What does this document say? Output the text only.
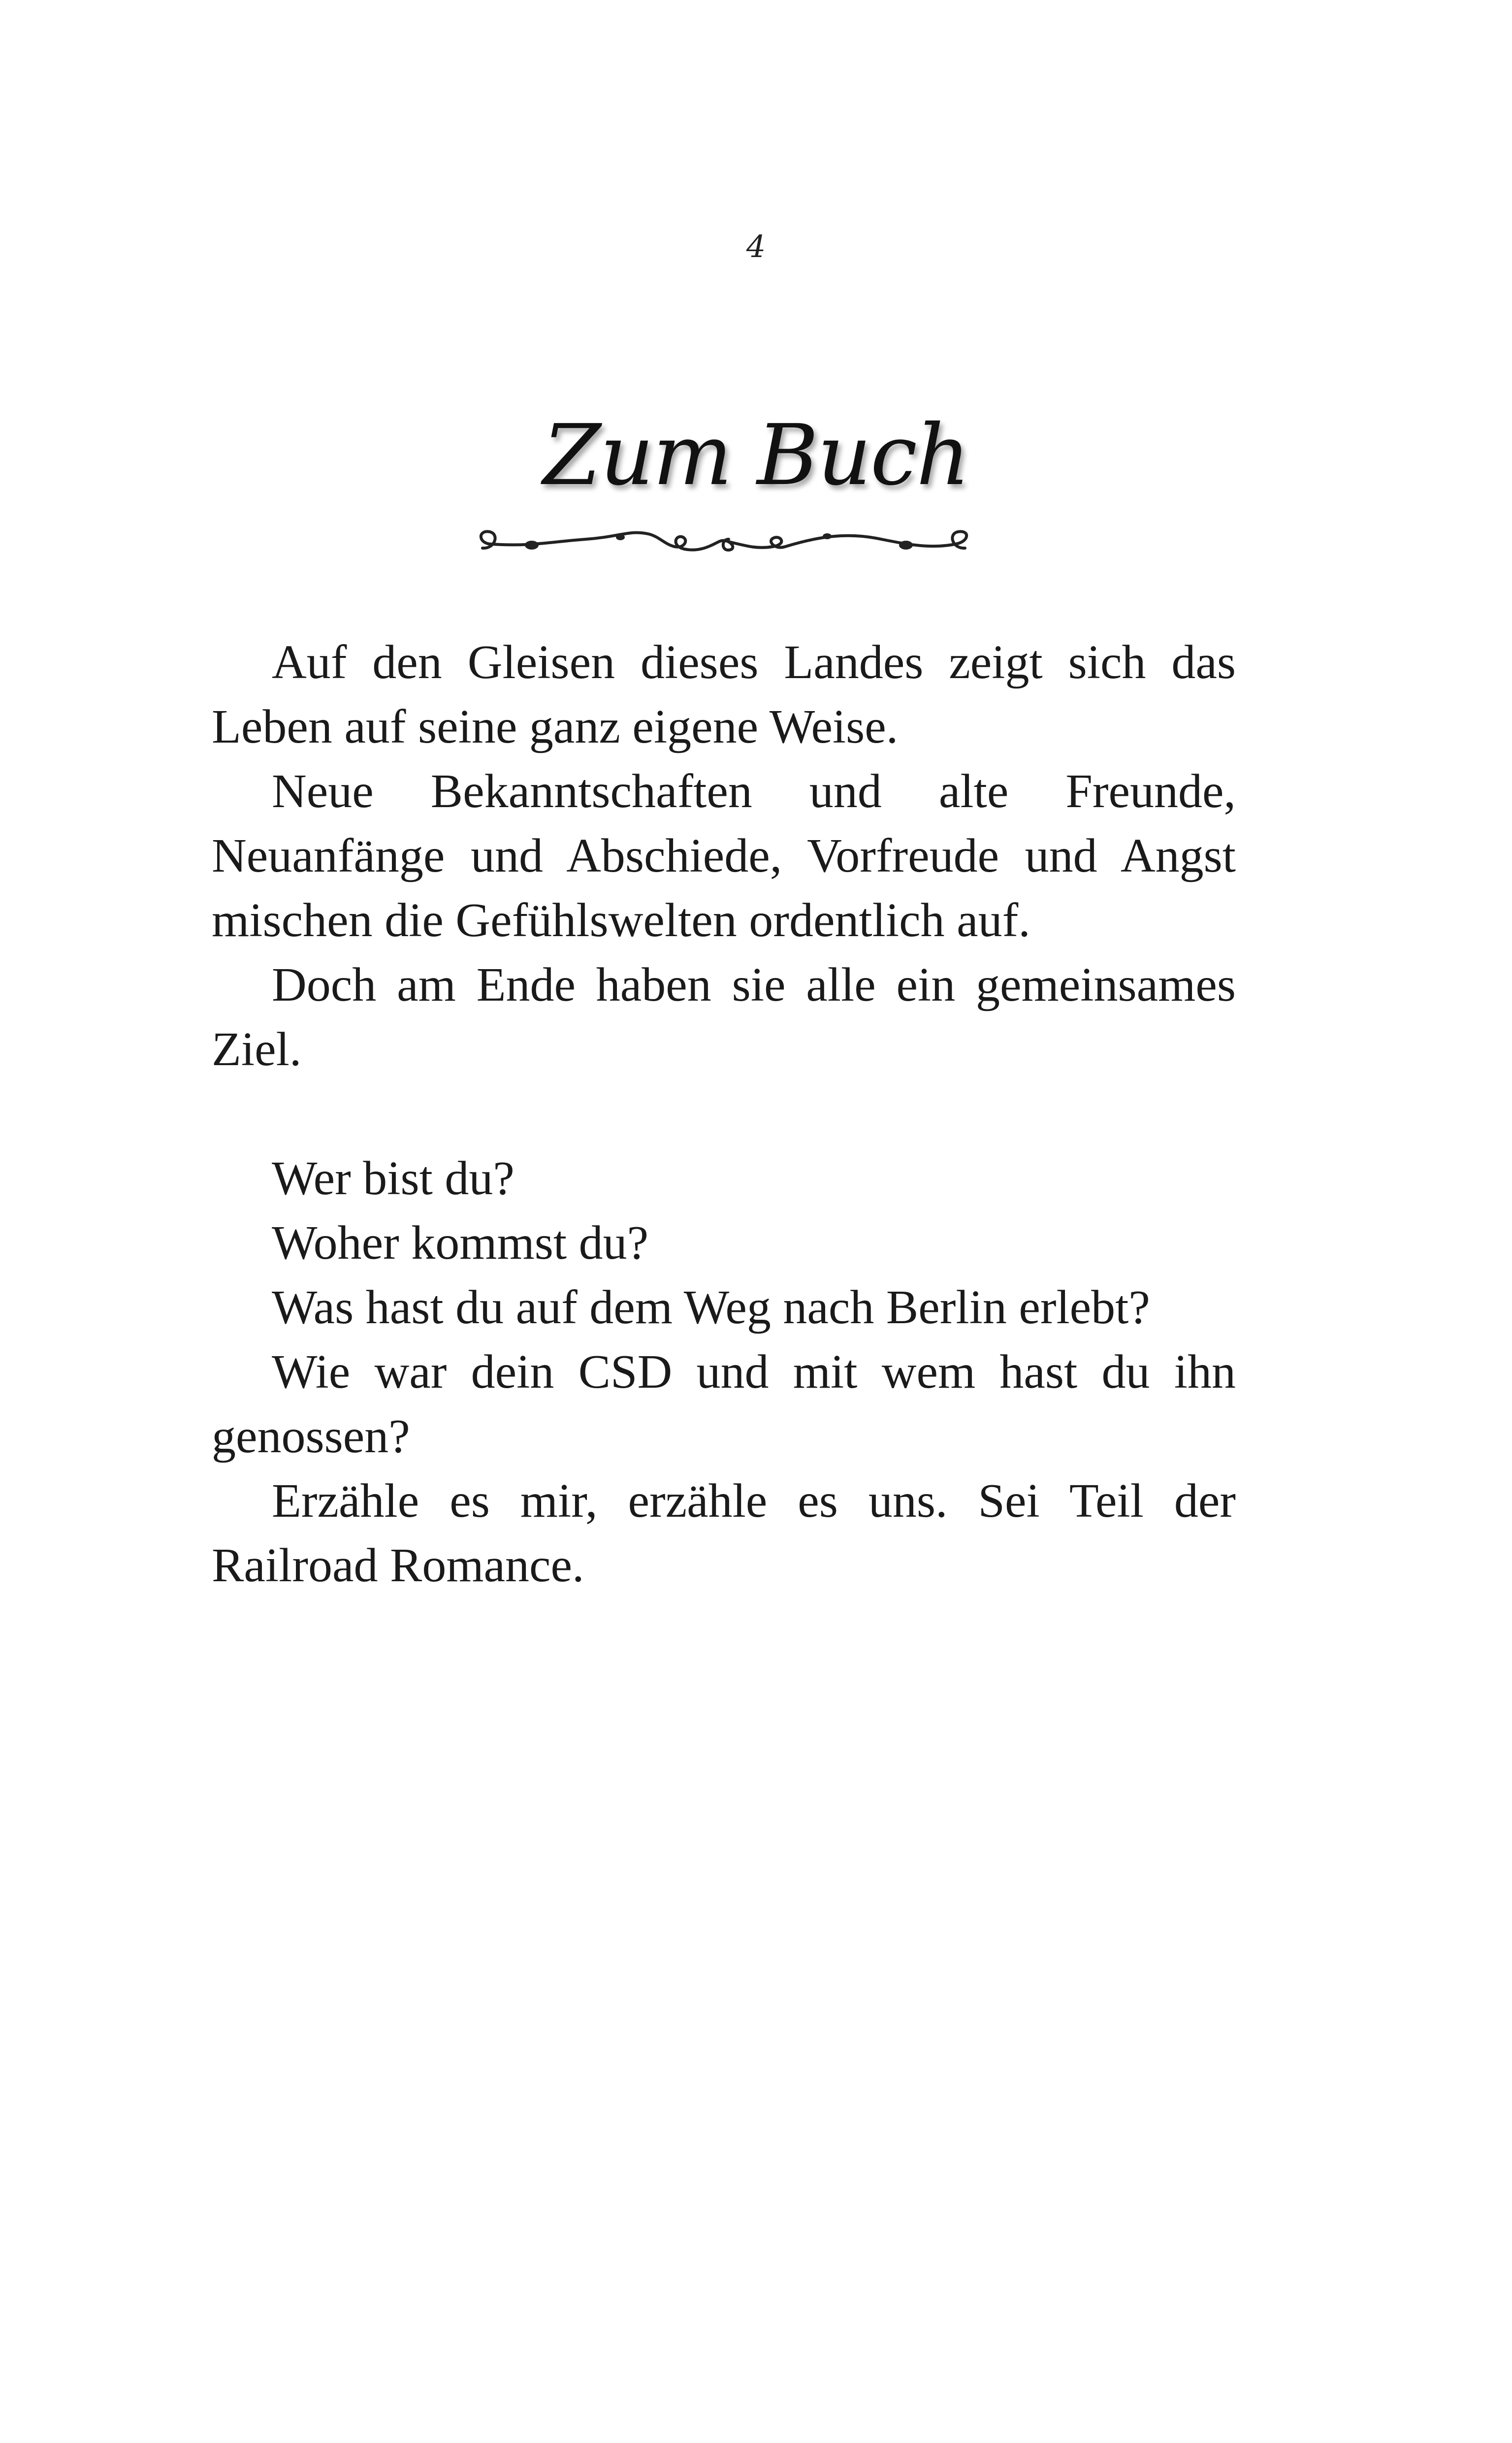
4
Zum Buch

Auf den Gleisen dieses Landes zeigt sich das Leben auf seine ganz eigene Weise.

Neue Bekanntschaften und alte Freunde, Neuanfänge und Abschiede, Vorfreude und Angst mischen die Gefühlswelten ordentlich auf.

Doch am Ende haben sie alle ein gemeinsames Ziel.

Wer bist du?

Woher kommst du?

Was hast du auf dem Weg nach Berlin erlebt?

Wie war dein CSD und mit wem hast du ihn genossen?

Erzähle es mir, erzähle es uns. Sei Teil der Railroad Romance.
